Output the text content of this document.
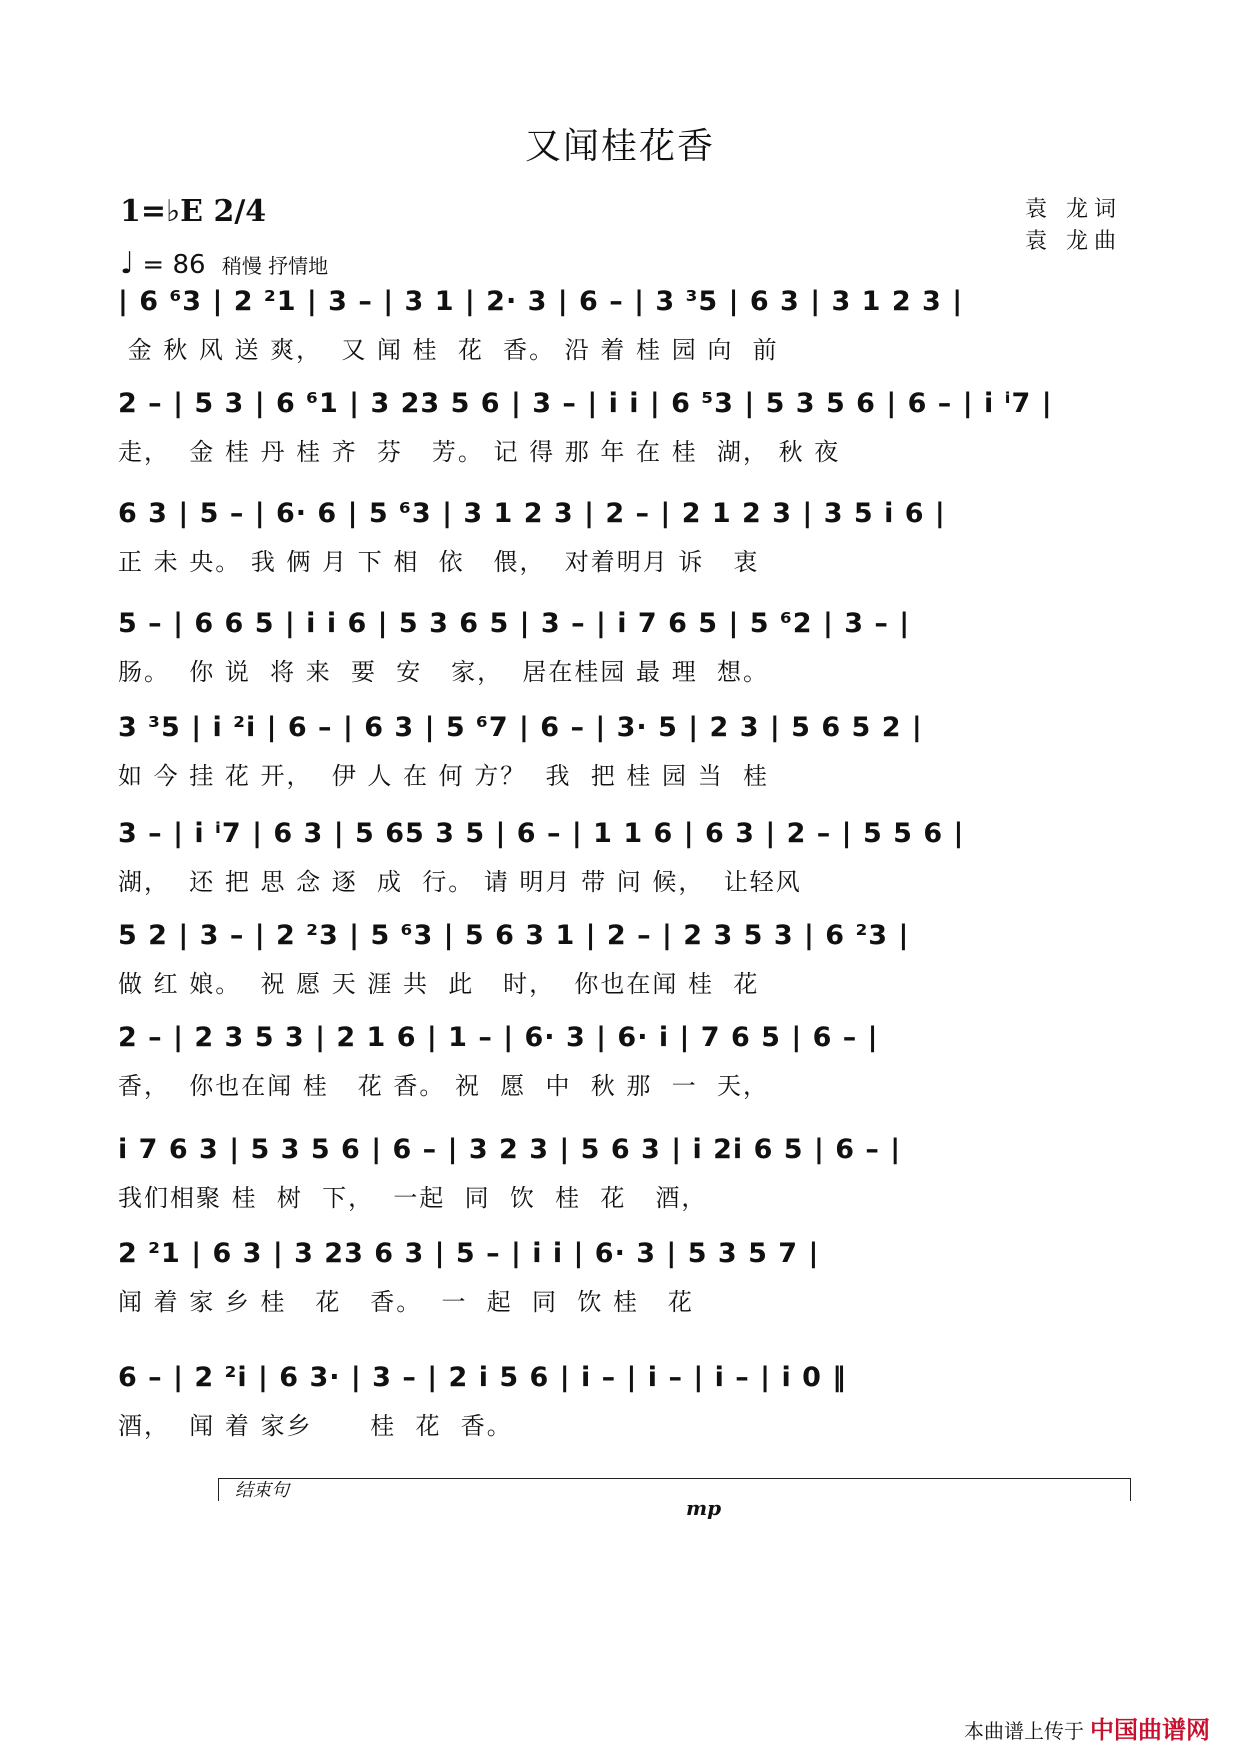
又闻桂花香
1=♭E 2/4
♩ = 86 稍慢 抒情地
袁 龙词
袁 龙曲
| 6 ⁶3 | 2 ²1 | 3 – | 3 1 | 2· 3 | 6 – | 3 ³5 | 6 3 | 3 1 2 3 |
金 秋 风 送 爽，  又 闻 桂  花  香。 沿 着 桂 园 向  前
2 – | 5 3 | 6 ⁶1 | 3 23 5 6 | 3 – | i i | 6 ⁵3 | 5 3 5 6 | 6 – | i ⁱ7 |
走，  金 桂 丹 桂 齐  芬   芳。 记 得 那 年 在 桂  湖， 秋 夜
6 3 | 5 – | 6· 6 | 5 ⁶3 | 3 1 2 3 | 2 – | 2 1 2 3 | 3 5 i 6 |
正 未 央。 我 俩 月 下 相  依   偎，  对着明月 诉   衷
5 – | 6 6 5 | i i 6 | 5 3 6 5 | 3 – | i 7 6 5 | 5 ⁶2 | 3 – |
肠。  你 说  将 来  要  安   家，  居在桂园 最 理  想。
3 ³5 | i ²i | 6 – | 6 3 | 5 ⁶7 | 6 – | 3· 5 | 2 3 | 5 6 5 2 |
如 今 挂 花 开，  伊 人 在 何 方？  我  把 桂 园 当  桂
3 – | i ⁱ7 | 6 3 | 5 65 3 5 | 6 – | 1 1 6 | 6 3 | 2 – | 5 5 6 |
湖，  还 把 思 念 逐  成  行。 请 明月 带 问 候，  让轻风
5 2 | 3 – | 2 ²3 | 5 ⁶3 | 5 6 3 1 | 2 – | 2 3 5 3 | 6 ²3 |
做 红 娘。  祝 愿 天 涯 共  此   时，  你也在闻 桂  花
2 – | 2 3 5 3 | 2 1 6 | 1 – | 6· 3 | 6· i | 7 6 5 | 6 – |
香，  你也在闻 桂   花 香。 祝  愿  中  秋 那  一  天，
i 7 6 3 | 5 3 5 6 | 6 – | 3 2 3 | 5 6 3 | i 2i 6 5 | 6 – |
我们相聚 桂  树  下，  一起  同  饮  桂  花   酒，
2 ²1 | 6 3 | 3 23 6 3 | 5 – | i i | 6· 3 | 5 3 5 7 |
闻 着 家 乡 桂   花   香。  一  起  同  饮 桂   花
结束句
mp
6 – | 2 ²i | 6 3· | 3 – | 2 i 5 6 | i – | i – | i – | i 0 ‖
酒，  闻 着 家乡      桂  花  香。
本曲谱上传于 中国曲谱网
